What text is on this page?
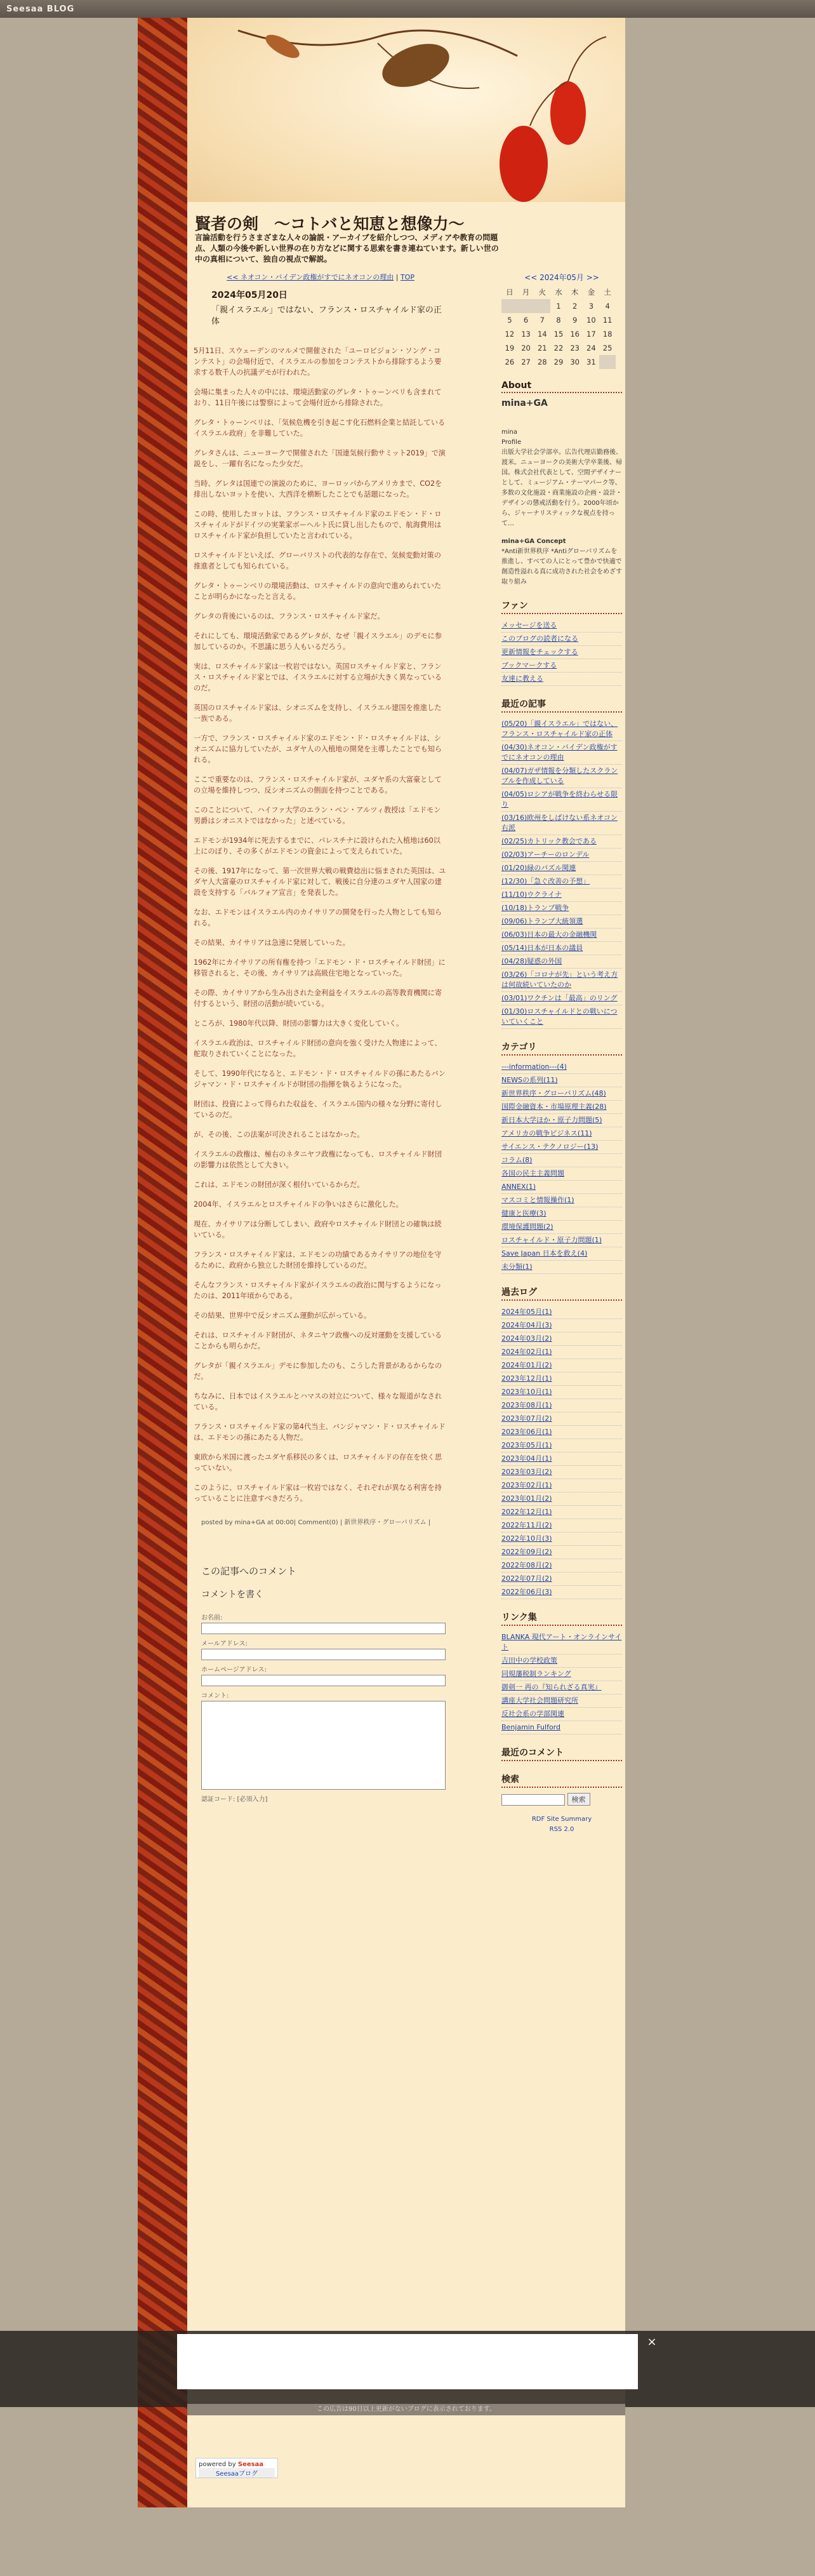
Seesaa BLOG
賢者の剣　〜コトバと知恵と想像力〜
言論活動を行うさまざまな人々の論説・アーカイブを紹介しつつ、メディアや教育の問題点、人類の今後や新しい世界の在り方などに関する思索を書き連ねています。新しい世の中の真相について、独自の視点で解説。
<< ネオコン・バイデン政権がすでにネオコンの理由 | TOP
2024年05月20日
「親イスラエル」ではない、フランス・ロスチャイルド家の正体

5月11日、スウェーデンのマルメで開催された「ユーロビジョン・ソング・コンテスト」の会場付近で、イスラエルの参加をコンテストから排除するよう要求する数千人の抗議デモが行われた。

会場に集まった人々の中には、環境活動家のグレタ・トゥーンベリも含まれており、11日午後には警察によって会場付近から排除された。

グレタ・トゥーンベリは、「気候危機を引き起こす化石燃料企業と結託しているイスラエル政府」を非難していた。

グレタさんは、ニューヨークで開催された「国連気候行動サミット2019」で演説をし、一躍有名になった少女だ。

当時、グレタは国連での演説のために、ヨーロッパからアメリカまで、CO2を排出しないヨットを使い、大西洋を横断したことでも話題になった。

この時、使用したヨットは、フランス・ロスチャイルド家のエドモン・ド・ロスチャイルドがドイツの実業家ボーヘルト氏に貸し出したもので、航海費用はロスチャイルド家が負担していたと言われている。

ロスチャイルドといえば、グローバリストの代表的な存在で、気候変動対策の推進者としても知られている。

グレタ・トゥーンベリの環境活動は、ロスチャイルドの意向で進められていたことが明らかになったと言える。

グレタの背後にいるのは、フランス・ロスチャイルド家だ。

それにしても、環境活動家であるグレタが、なぜ「親イスラエル」のデモに参加しているのか。不思議に思う人もいるだろう。

実は、ロスチャイルド家は一枚岩ではない。英国ロスチャイルド家と、フランス・ロスチャイルド家とでは、イスラエルに対する立場が大きく異なっているのだ。

英国のロスチャイルド家は、シオニズムを支持し、イスラエル建国を推進した一族である。

一方で、フランス・ロスチャイルド家のエドモン・ド・ロスチャイルドは、シオニズムに協力していたが、ユダヤ人の入植地の開発を主導したことでも知られる。

ここで重要なのは、フランス・ロスチャイルド家が、ユダヤ系の大富豪としての立場を維持しつつ、反シオニズムの側面を持つことである。

このことについて、ハイファ大学のエラン・ベン・アルツィ教授は「エドモン男爵はシオニストではなかった」と述べている。

エドモンが1934年に死去するまでに、パレスチナに設けられた入植地は60以上にのぼり、その多くがエドモンの資金によって支えられていた。

その後、1917年になって、第一次世界大戦の戦費捻出に悩まされた英国は、ユダヤ人大富豪のロスチャイルド家に対して、戦後に自分達のユダヤ人国家の建設を支持する「バルフォア宣言」を発表した。

なお、エドモンはイスラエル内のカイサリアの開発を行った人物としても知られる。

その結果、カイサリアは急速に発展していった。

1962年にカイサリアの所有権を持つ「エドモン・ド・ロスチャイルド財団」に移管されると、その後、カイサリアは高級住宅地となっていった。

その際、カイサリアから生み出された金利益をイスラエルの高等教育機関に寄付するという、財団の活動が続いている。

ところが、1980年代以降、財団の影響力は大きく変化していく。

イスラエル政治は、ロスチャイルド財団の意向を強く受けた人物達によって、舵取りされていくことになった。

そして、1990年代になると、エドモン・ド・ロスチャイルドの孫にあたるバンジャマン・ド・ロスチャイルドが財団の指揮を執るようになった。

財団は、投資によって得られた収益を、イスラエル国内の様々な分野に寄付しているのだ。

が、その後、この法案が可決されることはなかった。

イスラエルの政権は、極右のネタニヤフ政権になっても、ロスチャイルド財団の影響力は依然として大きい。

これは、エドモンの財団が深く根付いているからだ。

2004年、イスラエルとロスチャイルドの争いはさらに激化した。

現在、カイサリアは分断してしまい、政府やロスチャイルド財団との確執は続いている。

フランス・ロスチャイルド家は、エドモンの功績であるカイサリアの地位を守るために、政府から独立した財団を維持しているのだ。

そんなフランス・ロスチャイルド家がイスラエルの政治に関与するようになったのは、2011年頃からである。

その結果、世界中で反シオニズム運動が広がっている。

それは、ロスチャイルド財団が、ネタニヤフ政権への反対運動を支援していることからも明らかだ。

グレタが「親イスラエル」デモに参加したのも、こうした背景があるからなのだ。

ちなみに、日本ではイスラエルとハマスの対立について、様々な報道がなされている。

フランス・ロスチャイルド家の第4代当主、バンジャマン・ド・ロスチャイルドは、エドモンの孫にあたる人物だ。

東欧から米国に渡ったユダヤ系移民の多くは、ロスチャイルドの存在を快く思っていない。

このように、ロスチャイルド家は一枚岩ではなく、それぞれが異なる利害を持っていることに注意すべきだろう。

posted by mina+GA at 00:00| Comment(0) | 新世界秩序・グローバリズム |
この記事へのコメント
コメントを書く
お名前:
メールアドレス:
ホームページアドレス:
コメント:
認証コード: [必須入力]
<< 2024年05月 >>
日	月	火	水	木	金	土
			1	2	3	4
5	6	7	8	9	10	11
12	13	14	15	16	17	18
19	20	21	22	23	24	25
26	27	28	29	30	31	
About
mina+GA
mina
Profile
出版大学社会学部卒。広告代理店勤務後、渡米。ニューヨークの美術大学卒業後、帰国。株式会社代表として、空間デザイナーとして、ミュージアム・テーマパーク等、多数の文化施設・商業施設の企画・設計・デザインの懲戒活動を行う。2000年頃から、ジャーナリスティックな視点を持って…
mina+GA Concept
*Anti新世界秩序 *Antiグローバリズムを推進し、すべての人にとって豊かで快適で創造性溢れる真に成功された社会をめざす取り組み
ファン
メッセージを送る
このブログの読者になる
更新情報をチェックする
ブックマークする
友達に教える
最近の記事
(05/20)「親イスラエル」ではない、フランス・ロスチャイルド家の正体
(04/30)ネオコン・バイデン政権がすでにネオコンの理由
(04/07)ガザ情報を分類したスクランブルを作成している
(04/05)ロシアが戦争を終わらせる限り
(03/16)欧州をしばけない系ネオコン右派
(02/25)カトリック教会である
(02/03)アーチーのロンデル
(01/20)緑のパズル関連
(12/30)「急ぐ改善の予想」
(11/10)ウクライナ
(10/18)トランプ戦争
(09/06)トランプ大統領選
(06/03)日本の最大の金融機関
(05/14)日本が日本の議員
(04/28)疑惑の外国
(03/26)「コロナが先」という考え方は何故続いていたのか
(03/01)ワクチンは「最高」のリング
(01/30)ロスチャイルドとの戦いについていくこと
カテゴリ
---information---(4)
NEWSの系列(11)
新世界秩序・グローバリズム(48)
国際金融資本・市場原理主義(28)
新日本大学ほか・原子力問題(5)
アメリカの戦争ビジネス(11)
サイエンス・テクノロジー(13)
コラム(8)
各国の民主主義問題
ANNEX(1)
マスコミと情報操作(1)
健康と医療(3)
環境保護問題(2)
ロスチャイルド・原子力問題(1)
Save Japan 日本を救え(4)
未分類(1)
過去ログ
2024年05月(1)
2024年04月(3)
2024年03月(2)
2024年02月(1)
2024年01月(2)
2023年12月(1)
2023年10月(1)
2023年08月(1)
2023年07月(2)
2023年06月(1)
2023年05月(1)
2023年04月(1)
2023年03月(2)
2023年02月(1)
2023年01月(2)
2022年12月(1)
2022年11月(2)
2022年10月(3)
2022年09月(2)
2022年08月(2)
2022年07月(2)
2022年06月(3)
リンク集
BLANKA 現代アート・オンラインサイト
吉田中の学校政策
同規藩税制ランキング
御剣一 再の『知られざる真実』
講座大学社会問題研究所
反社会系の学部関連
Benjamin Fulford
最近のコメント
検索
検索
RDF Site Summary
RSS 2.0
×
この広告は90日以上更新がないブログに表示されております。
powered by Seesaa
Seesaaブログ
